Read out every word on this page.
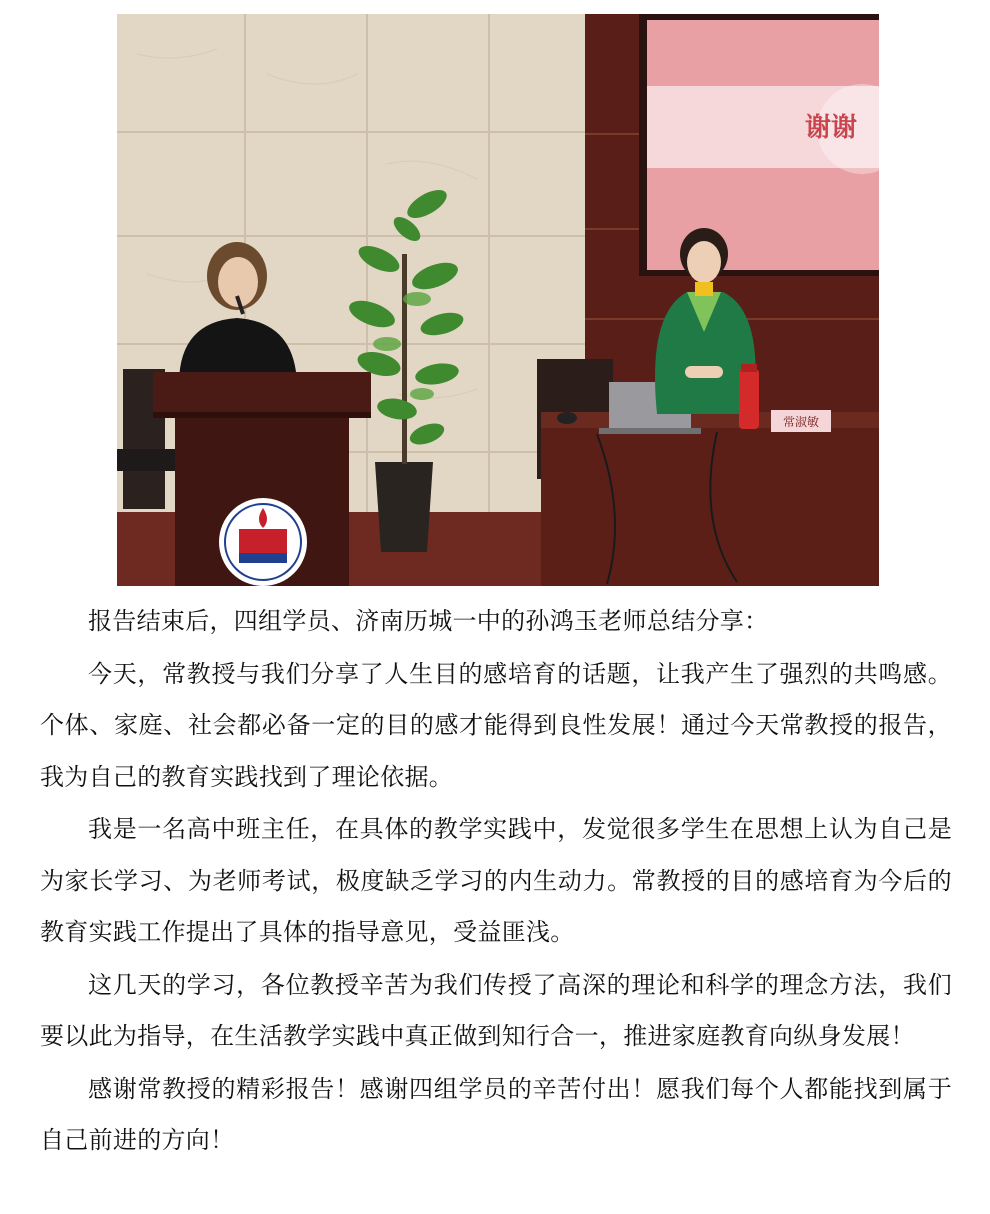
谢谢
常淑敏

报告结束后，四组学员、济南历城一中的孙鸿玉老师总结分享：

今天，常教授与我们分享了人生目的感培育的话题，让我产生了强烈的共鸣感。个体、家庭、社会都必备一定的目的感才能得到良性发展！通过今天常教授的报告，我为自己的教育实践找到了理论依据。

我是一名高中班主任，在具体的教学实践中，发觉很多学生在思想上认为自己是为家长学习、为老师考试，极度缺乏学习的内生动力。常教授的目的感培育为今后的教育实践工作提出了具体的指导意见，受益匪浅。

这几天的学习，各位教授辛苦为我们传授了高深的理论和科学的理念方法，我们要以此为指导，在生活教学实践中真正做到知行合一，推进家庭教育向纵身发展！

感谢常教授的精彩报告！感谢四组学员的辛苦付出！愿我们每个人都能找到属于自己前进的方向！
